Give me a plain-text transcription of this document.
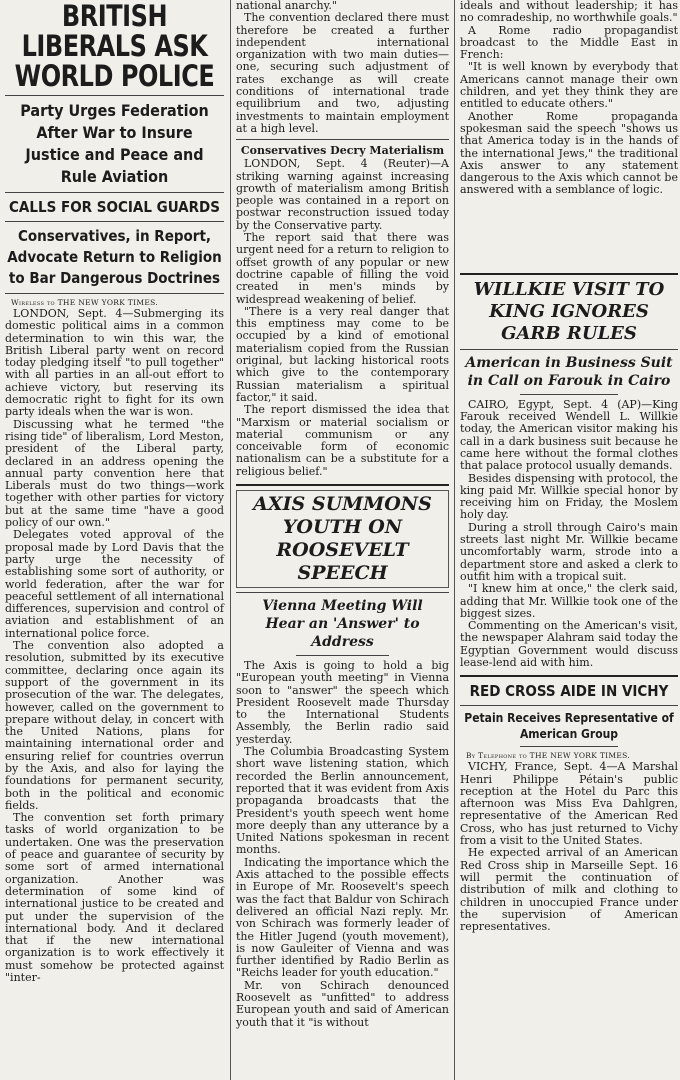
BRITISH LIBERALS ASK WORLD POLICE
Party Urges Federation After War to Insure Justice and Peace and Rule Aviation
CALLS FOR SOCIAL GUARDS
Conservatives, in Report, Advocate Return to Religion to Bar Dangerous Doctrines

Wireless to THE NEW YORK TIMES.

LONDON, Sept. 4—Submerging its domestic political aims in a common determination to win this war, the British Liberal party went on record today pledging itself "to pull together" with all parties in an all-out effort to achieve victory, but reserving its democratic right to fight for its own party ideals when the war is won.

Discussing what he termed "the rising tide" of liberalism, Lord Meston, president of the Liberal party, declared in an address opening the annual party convention here that Liberals must do two things—work together with other parties for victory but at the same time "have a good policy of our own."

Delegates voted approval of the proposal made by Lord Davis that the party urge the necessity of establishing some sort of authority, or world federation, after the war for peaceful settlement of all international differences, supervision and control of aviation and establishment of an international police force.

The convention also adopted a resolution, submitted by its executive committee, declaring once again its support of the government in its prosecution of the war. The delegates, however, called on the government to prepare without delay, in concert with the United Nations, plans for maintaining international order and ensuring relief for countries overrun by the Axis, and also for laying the foundations for permanent security, both in the political and economic fields.

The convention set forth primary tasks of world organization to be undertaken. One was the preservation of peace and guarantee of security by some sort of armed international organization. Another was determination of some kind of international justice to be created and put under the supervision of the international body. And it declared that if the new international organization is to work effectively it must somehow be protected against "inter-

national anarchy."

The convention declared there must therefore be created a further independent international organization with two main duties—one, securing such adjustment of rates exchange as will create conditions of international trade equilibrium and two, adjusting investments to maintain employment at a high level.

Conservatives Decry Materialism

LONDON, Sept. 4 (Reuter)—A striking warning against increasing growth of materialism among British people was contained in a report on postwar reconstruction issued today by the Conservative party.

The report said that there was urgent need for a return to religion to offset growth of any popular or new doctrine capable of filling the void created in men's minds by widespread weakening of belief.

"There is a very real danger that this emptiness may come to be occupied by a kind of emotional materialism copied from the Russian original, but lacking historical roots which give to the contemporary Russian materialism a spiritual factor," it said.

The report dismissed the idea that "Marxism or material socialism or material communism or any conceivable form of economic nationalism can be a substitute for a religious belief."

AXIS SUMMONS YOUTH ON ROOSEVELT SPEECH
Vienna Meeting Will Hear an 'Answer' to Address

The Axis is going to hold a big "European youth meeting" in Vienna soon to "answer" the speech which President Roosevelt made Thursday to the International Students Assembly, the Berlin radio said yesterday.

The Columbia Broadcasting System short wave listening station, which recorded the Berlin announcement, reported that it was evident from Axis propaganda broadcasts that the President's youth speech went home more deeply than any utterance by a United Nations spokesman in recent months.

Indicating the importance which the Axis attached to the possible effects in Europe of Mr. Roosevelt's speech was the fact that Baldur von Schirach delivered an official Nazi reply. Mr. von Schirach was formerly leader of the Hitler Jugend (youth movement), is now Gauleiter of Vienna and was further identified by Radio Berlin as "Reichs leader for youth education."

Mr. von Schirach denounced Roosevelt as "unfitted" to address European youth and said of American youth that it "is without

ideals and without leadership; it has no comradeship, no worthwhile goals."

A Rome radio propagandist broadcast to the Middle East in French:

"It is well known by everybody that Americans cannot manage their own children, and yet they think they are entitled to educate others."

Another Rome propaganda spokesman said the speech "shows us that America today is in the hands of the international Jews," the traditional Axis answer to any statement dangerous to the Axis which cannot be answered with a semblance of logic.

WILLKIE VISIT TO KING IGNORES GARB RULES
American in Business Suit in Call on Farouk in Cairo

CAIRO, Egypt, Sept. 4 (AP)—King Farouk received Wendell L. Willkie today, the American visitor making his call in a dark business suit because he came here without the formal clothes that palace protocol usually demands.

Besides dispensing with protocol, the king paid Mr. Willkie special honor by receiving him on Friday, the Moslem holy day.

During a stroll through Cairo's main streets last night Mr. Willkie became uncomfortably warm, strode into a department store and asked a clerk to outfit him with a tropical suit.

"I knew him at once," the clerk said, adding that Mr. Willkie took one of the biggest sizes.

Commenting on the American's visit, the newspaper Alahram said today the Egyptian Government would discuss lease-lend aid with him.

RED CROSS AIDE IN VICHY
Petain Receives Representative of American Group

By Telephone to THE NEW YORK TIMES.

VICHY, France, Sept. 4—A Marshal Henri Philippe Pétain's public reception at the Hotel du Parc this afternoon was Miss Eva Dahlgren, representative of the American Red Cross, who has just returned to Vichy from a visit to the United States.

He expected arrival of an American Red Cross ship in Marseille Sept. 16 will permit the continuation of distribution of milk and clothing to children in unoccupied France under the supervision of American representatives.
